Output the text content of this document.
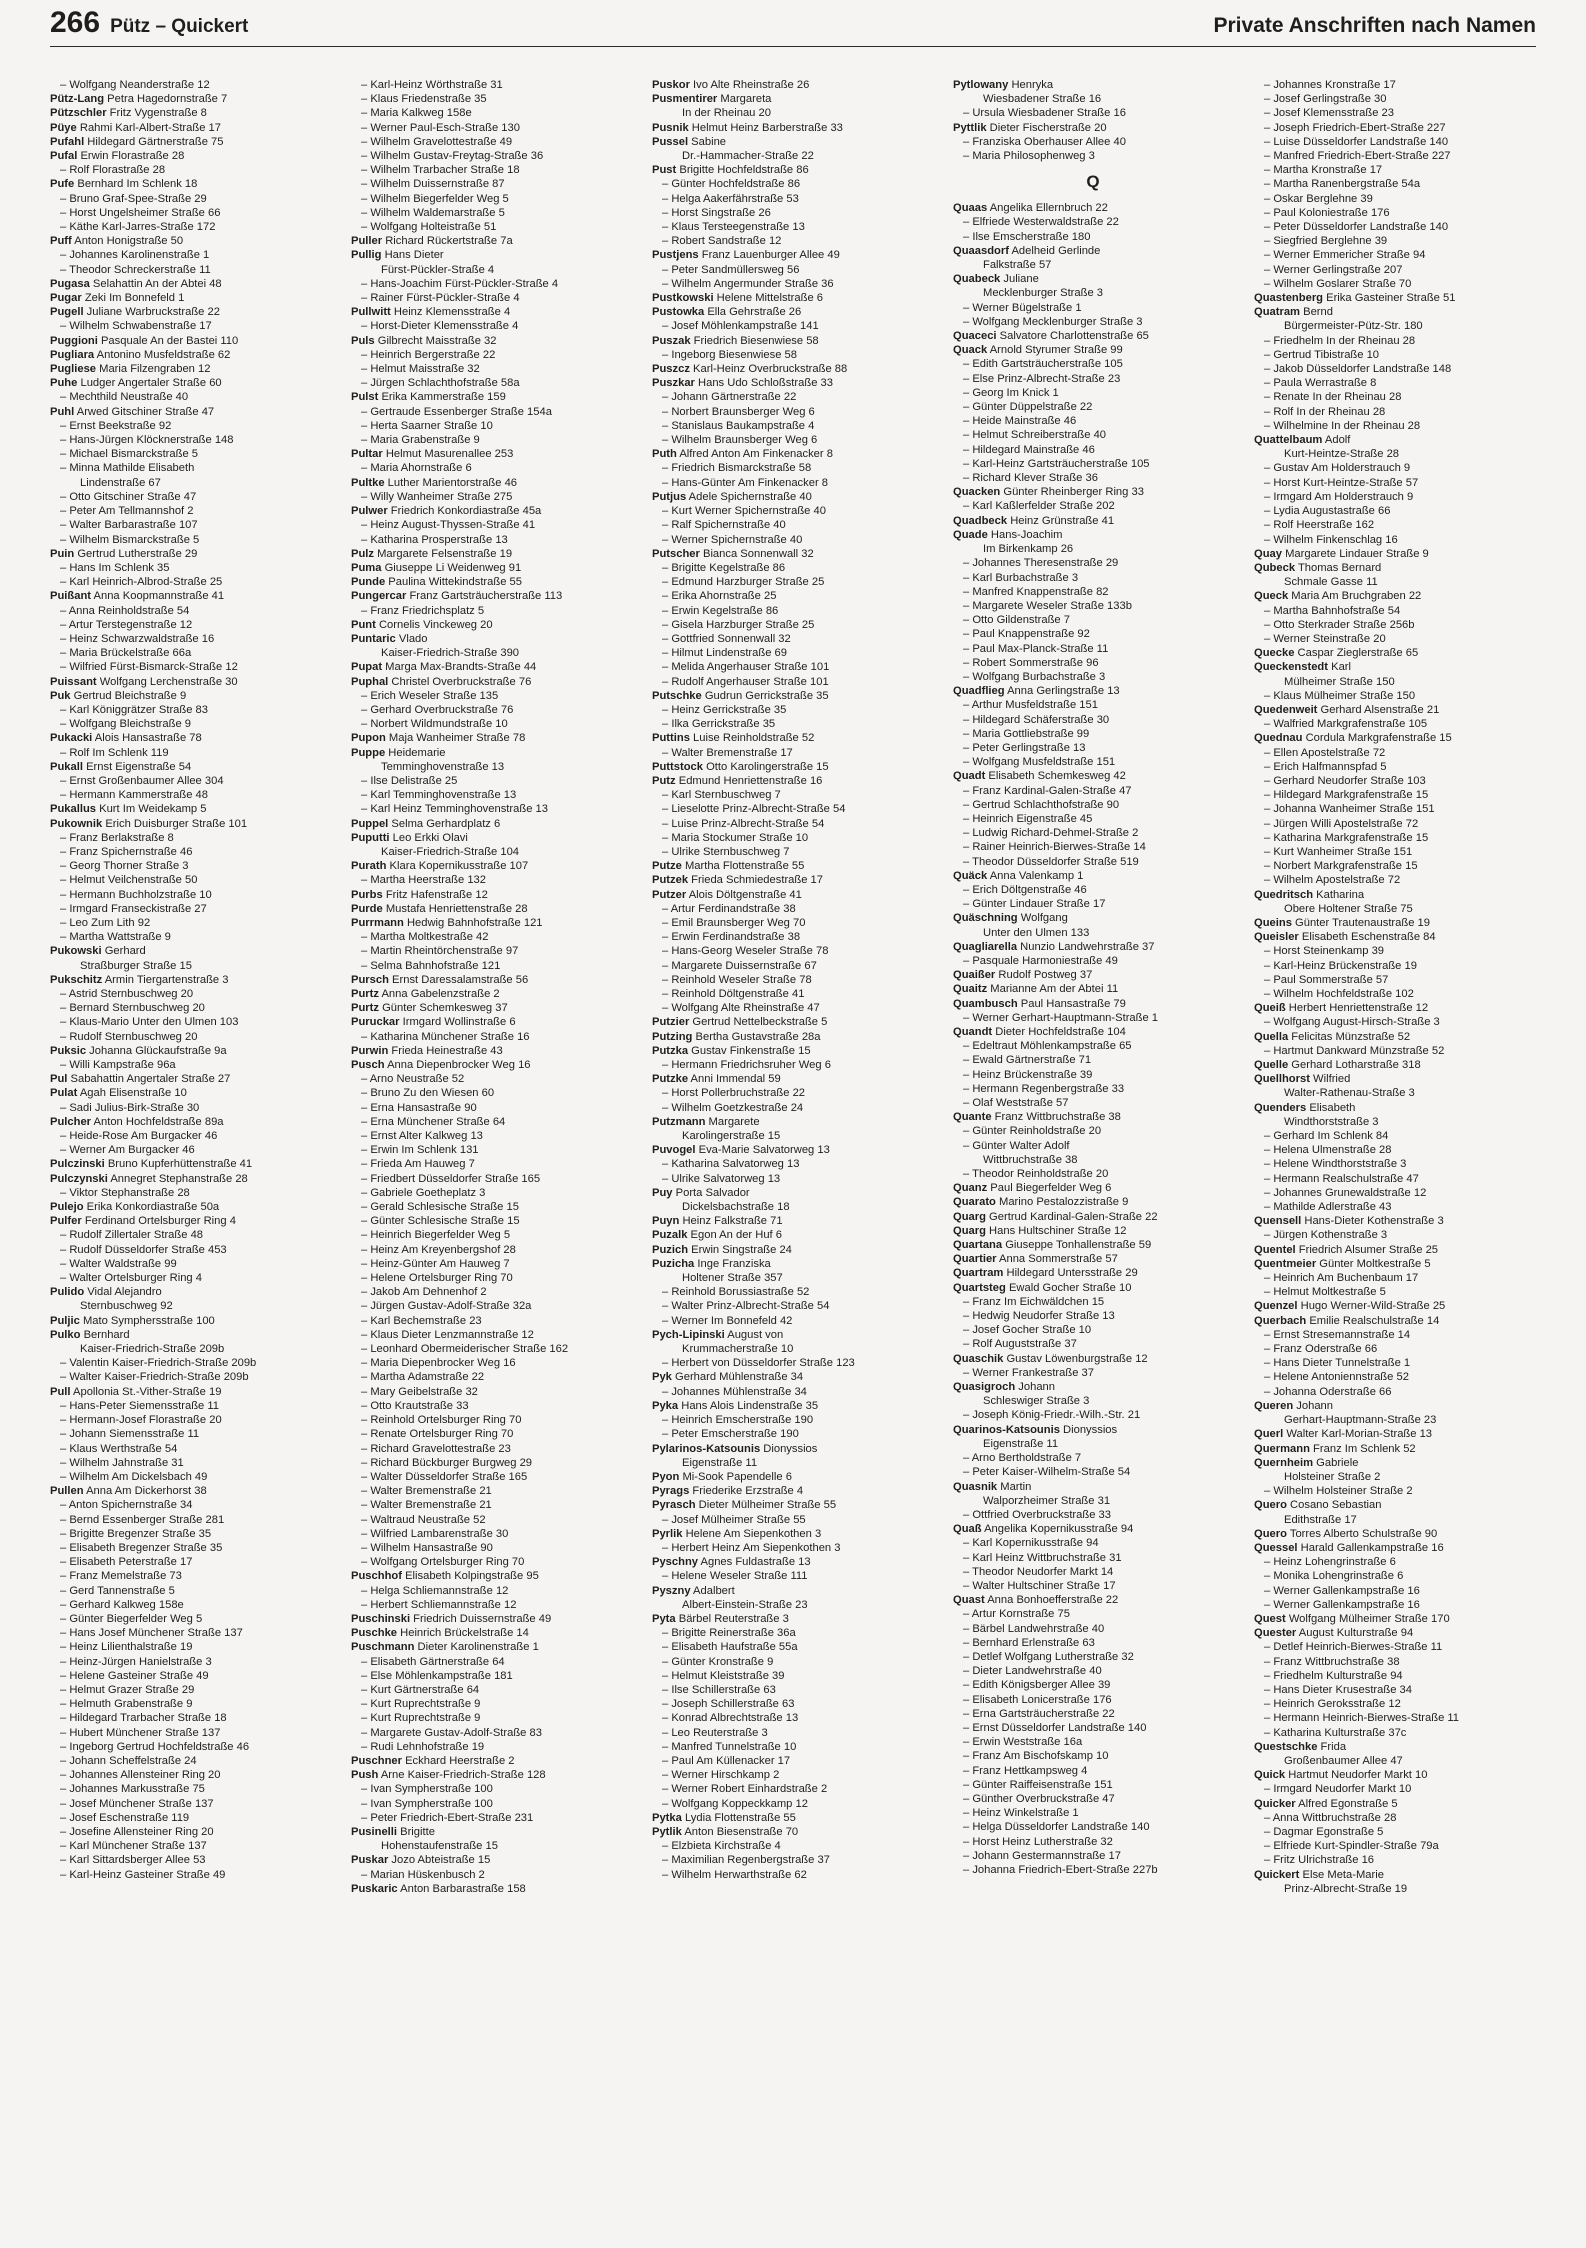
266 Pütz – Quickert	Private Anschriften nach Namen
– Wolfgang Neanderstraße 12
Pütz-Lang Petra Hagedornstraße 7
Pützschler Fritz Vygenstraße 8
Püye Rahmi Karl-Albert-Straße 17
Pufahl Hildegard Gärtnerstraße 75
Pufal Erwin Florastraße 28
– Rolf Florastraße 28
Pufe Bernhard Im Schlenk 18
– Bruno Graf-Spee-Straße 29
– Horst Ungelsheimer Straße 66
– Käthe Karl-Jarres-Straße 172
Puff Anton Honigstraße 50
– Johannes Karolinenstraße 1
– Theodor Schreckerstraße 11
Pugasa Selahattin An der Abtei 48
Pugar Zeki Im Bonnefeld 1
Pugell Juliane Warbruckstraße 22
– Wilhelm Schwabenstraße 17
Puggioni Pasquale An der Bastei 110
Pugliara Antonino Musfeldstraße 62
Pugliese Maria Filzengraben 12
Puhe Ludger Angertaler Straße 60
– Mechthild Neustraße 40
Puhl Arwed Gitschiner Straße 47
– Ernst Beekstraße 92
– Hans-Jürgen Klöcknerstraße 148
– Michael Bismarckstraße 5
– Minna Mathilde Elisabeth
Lindenstraße 67
– Otto Gitschiner Straße 47
– Peter Am Tellmannshof 2
– Walter Barbarastraße 107
– Wilhelm Bismarckstraße 5
Puin Gertrud Lutherstraße 29
– Hans Im Schlenk 35
– Karl Heinrich-Albrod-Straße 25
Puißant Anna Koopmannstraße 41
– Anna Reinholdstraße 54
– Artur Terstegenstraße 12
– Heinz Schwarzwaldstraße 16
– Maria Brückelstraße 66a
– Wilfried Fürst-Bismarck-Straße 12
Puissant Wolfgang Lerchenstraße 30
Puk Gertrud Bleichstraße 9
– Karl Königgrätzer Straße 83
– Wolfgang Bleichstraße 9
Pukacki Alois Hansastraße 78
– Rolf Im Schlenk 119
Pukall Ernst Eigenstraße 54
– Ernst Großenbaumer Allee 304
– Hermann Kammerstraße 48
Pukallus Kurt Im Weidekamp 5
Pukownik Erich Duisburger Straße 101
– Franz Berlakstraße 8
– Franz Spichernstraße 46
– Georg Thorner Straße 3
– Helmut Veilchenstraße 50
– Hermann Buchholzstraße 10
– Irmgard Franseckistraße 27
– Leo Zum Lith 92
– Martha Wattstraße 9
Pukowski Gerhard
Straßburger Straße 15
Pukschitz Armin Tiergartenstraße 3
– Astrid Sternbuschweg 20
– Bernard Sternbuschweg 20
– Klaus-Mario Unter den Ulmen 103
– Rudolf Sternbuschweg 20
Puksic Johanna Glückaufstraße 9a
– Willi Kampstraße 96a
Pul Sabahattin Angertaler Straße 27
Pulat Agah Elisenstraße 10
– Sadi Julius-Birk-Straße 30
Pulcher Anton Hochfeldstraße 89a
– Heide-Rose Am Burgacker 46
– Werner Am Burgacker 46
Pulczinski Bruno Kupferhüttenstraße 41
Pulczynski Annegret Stephanstraße 28
– Viktor Stephanstraße 28
Pulejo Erika Konkordiastraße 50a
Pulfer Ferdinand Ortelsburger Ring 4
– Rudolf Zillertaler Straße 48
– Rudolf Düsseldorfer Straße 453
– Walter Waldstraße 99
– Walter Ortelsburger Ring 4
Pulido Vidal Alejandro
Sternbuschweg 92
Puljic Mato Symphersstraße 100
Pulko Bernhard
Kaiser-Friedrich-Straße 209b
– Valentin Kaiser-Friedrich-Straße 209b
– Walter Kaiser-Friedrich-Straße 209b
Pull Apollonia St.-Vither-Straße 19
– Hans-Peter Siemensstraße 11
– Hermann-Josef Florastraße 20
– Johann Siemensstraße 11
– Klaus Werthstraße 54
– Wilhelm Jahnstraße 31
– Wilhelm Am Dickelsbach 49
Pullen Anna Am Dickerhorst 38
– Anton Spichernstraße 34
– Bernd Essenberger Straße 281
– Brigitte Bregenzer Straße 35
– Elisabeth Bregenzer Straße 35
– Elisabeth Peterstraße 17
– Franz Memelstraße 73
– Gerd Tannenstraße 5
– Gerhard Kalkweg 158e
– Günter Biegerfelder Weg 5
– Hans Josef Münchener Straße 137
– Heinz Lilienthalstraße 19
– Heinz-Jürgen Hanielstraße 3
– Helene Gasteiner Straße 49
– Helmut Grazer Straße 29
– Helmuth Grabenstraße 9
– Hildegard Trarbacher Straße 18
– Hubert Münchener Straße 137
– Ingeborg Gertrud Hochfeldstraße 46
– Johann Scheffelstraße 24
– Johannes Allensteiner Ring 20
– Johannes Markusstraße 75
– Josef Münchener Straße 137
– Josef Eschenstraße 119
– Josefine Allensteiner Ring 20
– Karl Münchener Straße 137
– Karl Sittardsberger Allee 53
– Karl-Heinz Gasteiner Straße 49
– Karl-Heinz Wörthstraße 31
– Klaus Friedenstraße 35
– Maria Kalkweg 158e
– Werner Paul-Esch-Straße 130
– Wilhelm Gravelottestraße 49
– Wilhelm Gustav-Freytag-Straße 36
– Wilhelm Trarbacher Straße 18
– Wilhelm Duissernstraße 87
– Wilhelm Biegerfelder Weg 5
– Wilhelm Waldemarstraße 5
– Wolfgang Holteistraße 51
Puller Richard Rückertstraße 7a
Pullig Hans Dieter
Fürst-Pückler-Straße 4
– Hans-Joachim Fürst-Pückler-Straße 4
– Rainer Fürst-Pückler-Straße 4
Pullwitt Heinz Klemensstraße 4
– Horst-Dieter Klemensstraße 4
Puls Gilbrecht Maisstraße 32
– Heinrich Bergerstraße 22
– Helmut Maisstraße 32
– Jürgen Schlachthofstraße 58a
Pulst Erika Kammerstraße 159
– Gertraude Essenberger Straße 154a
– Herta Saarner Straße 10
– Maria Grabenstraße 9
Pultar Helmut Masurenallee 253
– Maria Ahornstraße 6
Pultke Luther Marientorstraße 46
– Willy Wanheimer Straße 275
Pulwer Friedrich Konkordiastraße 45a
– Heinz August-Thyssen-Straße 41
– Katharina Prosperstraße 13
Pulz Margarete Felsenstraße 19
Puma Giuseppe Li Weidenweg 91
Punde Paulina Wittekindstraße 55
Pungercar Franz Gartsträucherstraße 113
– Franz Friedrichsplatz 5
Punt Cornelis Vinckeweg 20
Puntaric Vlado
Kaiser-Friedrich-Straße 390
Pupat Marga Max-Brandts-Straße 44
Puphal Christel Overbruckstraße 76
– Erich Weseler Straße 135
– Gerhard Overbruckstraße 76
– Norbert Wildmundstraße 10
Pupon Maja Wanheimer Straße 78
Puppe Heidemarie
Temminghovenstraße 13
– Ilse Delistraße 25
– Karl Temminghovenstraße 13
– Karl Heinz Temminghovenstraße 13
Puppel Selma Gerhardplatz 6
Puputti Leo Erkki Olavi
Kaiser-Friedrich-Straße 104
Purath Klara Kopernikusstraße 107
– Martha Heerstraße 132
Purbs Fritz Hafenstraße 12
Purde Mustafa Henriettenstraße 28
Purrmann Hedwig Bahnhofstraße 121
– Martha Moltkestraße 42
– Martin Rheintörchenstraße 97
– Selma Bahnhofstraße 121
Pursch Ernst Daressalamstraße 56
Purtz Anna Gabelenzstraße 2
Purtz Günter Schemkesweg 37
Puruckar Irmgard Wollinstraße 6
– Katharina Münchener Straße 16
Purwin Frieda Heinestraße 43
Pusch Anna Diepenbrocker Weg 16
– Arno Neustraße 52
– Bruno Zu den Wiesen 60
– Erna Hansastraße 90
– Erna Münchener Straße 64
– Ernst Alter Kalkweg 13
– Erwin Im Schlenk 131
– Frieda Am Hauweg 7
– Friedbert Düsseldorfer Straße 165
– Gabriele Goetheplatz 3
– Gerald Schlesische Straße 15
– Günter Schlesische Straße 15
– Heinrich Biegerfelder Weg 5
– Heinz Am Kreyenbergshof 28
– Heinz-Günter Am Hauweg 7
– Helene Ortelsburger Ring 70
– Jakob Am Dehnenhof 2
– Jürgen Gustav-Adolf-Straße 32a
– Karl Bechemstraße 23
– Klaus Dieter Lenzmannstraße 12
– Leonhard Obermeiderischer Straße 162
– Maria Diepenbrocker Weg 16
– Martha Adamstraße 22
– Mary Geibelstraße 32
– Otto Krautstraße 33
– Reinhold Ortelsburger Ring 70
– Renate Ortelsburger Ring 70
– Richard Gravelottestraße 23
– Richard Bückburger Burgweg 29
– Walter Düsseldorfer Straße 165
– Walter Bremenstraße 21
– Walter Bremenstraße 21
– Waltraud Neustraße 52
– Wilfried Lambarenstraße 30
– Wilhelm Hansastraße 90
– Wolfgang Ortelsburger Ring 70
Puschhof Elisabeth Kolpingstraße 95
– Helga Schliemannstraße 12
– Herbert Schliemannstraße 12
Puschinski Friedrich Duissernstraße 49
Puschke Heinrich Brückelstraße 14
Puschmann Dieter Karolinenstraße 1
– Elisabeth Gärtnerstraße 64
– Else Möhlenkampstraße 181
– Kurt Gärtnerstraße 64
– Kurt Ruprechtstraße 9
– Kurt Ruprechtstraße 9
– Margarete Gustav-Adolf-Straße 83
– Rudi Lehnhofstraße 19
Puschner Eckhard Heerstraße 2
Push Arne Kaiser-Friedrich-Straße 128
– Ivan Sympherstraße 100
– Ivan Sympherstraße 100
– Peter Friedrich-Ebert-Straße 231
Pusinelli Brigitte
Hohenstaufenstraße 15
Puskar Jozo Abteistraße 15
– Marian Hüskenbusch 2
Puskaric Anton Barbarastraße 158
Puskor Ivo Alte Rheinstraße 26
Pusmentirer Margareta
In der Rheinau 20
Pusnik Helmut Heinz Barberstraße 33
Pussel Sabine
Dr.-Hammacher-Straße 22
Pust Brigitte Hochfeldstraße 86
– Günter Hochfeldstraße 86
– Helga Aakerfährstraße 53
– Horst Singstraße 26
– Klaus Tersteegenstraße 13
– Robert Sandstraße 12
Pustjens Franz Lauenburger Allee 49
– Peter Sandmüllersweg 56
– Wilhelm Angermunder Straße 36
Pustkowski Helene Mittelstraße 6
Pustowka Ella Gehrstraße 26
– Josef Möhlenkampstraße 141
Puszak Friedrich Biesenwiese 58
– Ingeborg Biesenwiese 58
Puszcz Karl-Heinz Overbruckstraße 88
Puszkar Hans Udo Schloßstraße 33
– Johann Gärtnerstraße 22
– Norbert Braunsberger Weg 6
– Stanislaus Baukampstraße 4
– Wilhelm Braunsberger Weg 6
Puth Alfred Anton Am Finkenacker 8
– Friedrich Bismarckstraße 58
– Hans-Günter Am Finkenacker 8
Putjus Adele Spichernstraße 40
– Kurt Werner Spichernstraße 40
– Ralf Spichernstraße 40
– Werner Spichernstraße 40
Putscher Bianca Sonnenwall 32
– Brigitte Kegelstraße 86
– Edmund Harzburger Straße 25
– Erika Ahornstraße 25
– Erwin Kegelstraße 86
– Gisela Harzburger Straße 25
– Gottfried Sonnenwall 32
– Hilmut Lindenstraße 69
– Melida Angerhauser Straße 101
– Rudolf Angerhauser Straße 101
Putschke Gudrun Gerrickstraße 35
– Heinz Gerrickstraße 35
– Ilka Gerrickstraße 35
Puttins Luise Reinholdstraße 52
– Walter Bremenstraße 17
Puttstock Otto Karolingerstraße 15
Putz Edmund Henriettenstraße 16
– Karl Sternbuschweg 7
– Lieselotte Prinz-Albrecht-Straße 54
– Luise Prinz-Albrecht-Straße 54
– Maria Stockumer Straße 10
– Ulrike Sternbuschweg 7
Putze Martha Flottenstraße 55
Putzek Frieda Schmiedestraße 17
Putzer Alois Döltgenstraße 41
– Artur Ferdinandstraße 38
– Emil Braunsberger Weg 70
– Erwin Ferdinandstraße 38
– Hans-Georg Weseler Straße 78
– Margarete Duissernstraße 67
– Reinhold Weseler Straße 78
– Reinhold Döltgenstraße 41
– Wolfgang Alte Rheinstraße 47
Putzier Gertrud Nettelbeckstraße 5
Putzing Bertha Gustavstraße 28a
Putzka Gustav Finkenstraße 15
– Hermann Friedrichsruher Weg 6
Putzke Anni Immendal 59
– Horst Pollerbruchstraße 22
– Wilhelm Goetzkestraße 24
Putzmann Margarete
Karolingerstraße 15
Puvogel Eva-Marie Salvatorweg 13
– Katharina Salvatorweg 13
– Ulrike Salvatorweg 13
Puy Porta Salvador
Dickelsbachstraße 18
Puyn Heinz Falkstraße 71
Puzalk Egon An der Huf 6
Puzich Erwin Singstraße 24
Puzicha Inge Franziska
Holtener Straße 357
– Reinhold Borussiastraße 52
– Walter Prinz-Albrecht-Straße 54
– Werner Im Bonnefeld 42
Pych-Lipinski August von
Krummacherstraße 10
– Herbert von Düsseldorfer Straße 123
Pyk Gerhard Mühlenstraße 34
– Johannes Mühlenstraße 34
Pyka Hans Alois Lindenstraße 35
– Heinrich Emscherstraße 190
– Peter Emscherstraße 190
Pylarinos-Katsounis Dionyssios
Eigenstraße 11
Pyon Mi-Sook Papendelle 6
Pyrags Friederike Erzstraße 4
Pyrasch Dieter Mülheimer Straße 55
– Josef Mülheimer Straße 55
Pyrlik Helene Am Siepenkothen 3
– Herbert Heinz Am Siepenkothen 3
Pyschny Agnes Fuldastraße 13
– Helene Weseler Straße 111
Pyszny Adalbert
Albert-Einstein-Straße 23
Pyta Bärbel Reuterstraße 3
– Brigitte Reinerstraße 36a
– Elisabeth Haufstraße 55a
– Günter Kronstraße 9
– Helmut Kleiststraße 39
– Ilse Schillerstraße 63
– Joseph Schillerstraße 63
– Konrad Albrechtstraße 13
– Leo Reuterstraße 3
– Manfred Tunnelstraße 10
– Paul Am Küllenacker 17
– Werner Hirschkamp 2
– Werner Robert Einhardstraße 2
– Wolfgang Koppeckkamp 12
Pytka Lydia Flottenstraße 55
Pytlik Anton Biesenstraße 70
– Elzbieta Kirchstraße 4
– Maximilian Regenbergstraße 37
– Wilhelm Herwarthstraße 62
Pytlowany Henryka
Wiesbadener Straße 16
– Ursula Wiesbadener Straße 16
Pyttlik Dieter Fischerstraße 20
– Franziska Oberhauser Allee 40
– Maria Philosophenweg 3
Q
Quaas Angelika Ellernbruch 22
– Elfriede Westerwaldstraße 22
– Ilse Emscherstraße 180
Quaasdorf Adelheid Gerlinde
Falkstraße 57
Quabeck Juliane
Mecklenburger Straße 3
– Werner Bügelstraße 1
– Wolfgang Mecklenburger Straße 3
Quaceci Salvatore Charlottenstraße 65
Quack Arnold Styrumer Straße 99
– Edith Gartsträucherstraße 105
– Else Prinz-Albrecht-Straße 23
– Georg Im Knick 1
– Günter Düppelstraße 22
– Heide Mainstraße 46
– Helmut Schreiberstraße 40
– Hildegard Mainstraße 46
– Karl-Heinz Gartsträucherstraße 105
– Richard Klever Straße 36
Quacken Günter Rheinberger Ring 33
– Karl Kaßlerfelder Straße 202
Quadbeck Heinz Grünstraße 41
Quade Hans-Joachim
Im Birkenkamp 26
– Johannes Theresenstraße 29
– Karl Burbachstraße 3
– Manfred Knappenstraße 82
– Margarete Weseler Straße 133b
– Otto Gildenstraße 7
– Paul Knappenstraße 92
– Paul Max-Planck-Straße 11
– Robert Sommerstraße 96
– Wolfgang Burbachstraße 3
Quadflieg Anna Gerlingstraße 13
– Arthur Musfeldstraße 151
– Hildegard Schäferstraße 30
– Maria Gottliebstraße 99
– Peter Gerlingstraße 13
– Wolfgang Musfeldstraße 151
Quadt Elisabeth Schemkesweg 42
– Franz Kardinal-Galen-Straße 47
– Gertrud Schlachthofstraße 90
– Heinrich Eigenstraße 45
– Ludwig Richard-Dehmel-Straße 2
– Rainer Heinrich-Bierwes-Straße 14
– Theodor Düsseldorfer Straße 519
Quäck Anna Valenkamp 1
– Erich Döltgenstraße 46
– Günter Lindauer Straße 17
Quäschning Wolfgang
Unter den Ulmen 133
Quagliarella Nunzio Landwehrstraße 37
– Pasquale Harmoniestraße 49
Quaißer Rudolf Postweg 37
Quaitz Marianne Am der Abtei 11
Quambusch Paul Hansastraße 79
– Werner Gerhart-Hauptmann-Straße 1
Quandt Dieter Hochfeldstraße 104
– Edeltraut Möhlenkampstraße 65
– Ewald Gärtnerstraße 71
– Heinz Brückenstraße 39
– Hermann Regenbergstraße 33
– Olaf Weststraße 57
Quante Franz Wittbruchstraße 38
– Günter Reinholdstraße 20
– Günter Walter Adolf
Wittbruchstraße 38
– Theodor Reinholdstraße 20
Quanz Paul Biegerfelder Weg 6
Quarato Marino Pestalozzistraße 9
Quarg Gertrud Kardinal-Galen-Straße 22
Quarg Hans Hultschiner Straße 12
Quartana Giuseppe Tonhallenstraße 59
Quartier Anna Sommerstraße 57
Quartram Hildegard Untersstraße 29
Quartsteg Ewald Gocher Straße 10
– Franz Im Eichwäldchen 15
– Hedwig Neudorfer Straße 13
– Josef Gocher Straße 10
– Rolf Auguststraße 37
Quaschik Gustav Löwenburgstraße 12
– Werner Frankestraße 37
Quasigroch Johann
Schleswiger Straße 3
– Joseph König-Friedr.-Wilh.-Str. 21
Quarinos-Katsounis Dionyssios
Eigenstraße 11
– Arno Bertholdstraße 7
– Peter Kaiser-Wilhelm-Straße 54
Quasnik Martin
Walporzheimer Straße 31
– Ottfried Overbruckstraße 33
Quaß Angelika Kopernikusstraße 94
– Karl Kopernikusstraße 94
– Karl Heinz Wittbruchstraße 31
– Theodor Neudorfer Markt 14
– Walter Hultschiner Straße 17
Quast Anna Bonhoefferstraße 22
– Artur Kornstraße 75
– Bärbel Landwehrstraße 40
– Bernhard Erlenstraße 63
– Detlef Wolfgang Lutherstraße 32
– Dieter Landwehrstraße 40
– Edith Königsberger Allee 39
– Elisabeth Lonicerstraße 176
– Erna Gartsträucherstraße 22
– Ernst Düsseldorfer Landstraße 140
– Erwin Weststraße 16a
– Franz Am Bischofskamp 10
– Franz Hettkampsweg 4
– Günter Raiffeisenstraße 151
– Günther Overbruckstraße 47
– Heinz Winkelstraße 1
– Helga Düsseldorfer Landstraße 140
– Horst Heinz Lutherstraße 32
– Johann Gestermannstraße 17
– Johanna Friedrich-Ebert-Straße 227b
– Johannes Kronstraße 17
– Josef Gerlingstraße 30
– Josef Klemensstraße 23
– Joseph Friedrich-Ebert-Straße 227
– Luise Düsseldorfer Landstraße 140
– Manfred Friedrich-Ebert-Straße 227
– Martha Kronstraße 17
– Martha Ranenbergstraße 54a
– Oskar Berglehne 39
– Paul Koloniestraße 176
– Peter Düsseldorfer Landstraße 140
– Siegfried Berglehne 39
– Werner Emmericher Straße 94
– Werner Gerlingstraße 207
– Wilhelm Goslarer Straße 70
Quastenberg Erika Gasteiner Straße 51
Quatram Bernd
Bürgermeister-Pütz-Str. 180
– Friedhelm In der Rheinau 28
– Gertrud Tibistraße 10
– Jakob Düsseldorfer Landstraße 148
– Paula Werrastraße 8
– Renate In der Rheinau 28
– Rolf In der Rheinau 28
– Wilhelmine In der Rheinau 28
Quattelbaum Adolf
Kurt-Heintze-Straße 28
– Gustav Am Holderstrauch 9
– Horst Kurt-Heintze-Straße 57
– Irmgard Am Holderstrauch 9
– Lydia Augustastraße 66
– Rolf Heerstraße 162
– Wilhelm Finkenschlag 16
Quay Margarete Lindauer Straße 9
Qubeck Thomas Bernard
Schmale Gasse 11
Queck Maria Am Bruchgraben 22
– Martha Bahnhofstraße 54
– Otto Sterkrader Straße 256b
– Werner Steinstraße 20
Quecke Caspar Zieglerstraße 65
Queckenstedt Karl
Mülheimer Straße 150
– Klaus Mülheimer Straße 150
Quedenweit Gerhard Alsenstraße 21
– Walfried Markgrafenstraße 105
Quednau Cordula Markgrafenstraße 15
– Ellen Apostelstraße 72
– Erich Halfmannspfad 5
– Gerhard Neudorfer Straße 103
– Hildegard Markgrafenstraße 15
– Johanna Wanheimer Straße 151
– Jürgen Willi Apostelstraße 72
– Katharina Markgrafenstraße 15
– Kurt Wanheimer Straße 151
– Norbert Markgrafenstraße 15
– Wilhelm Apostelstraße 72
Quedritsch Katharina
Obere Holtener Straße 75
Queins Günter Trautenaustraße 19
Queisler Elisabeth Eschenstraße 84
– Horst Steinenkamp 39
– Karl-Heinz Brückenstraße 19
– Paul Sommerstraße 57
– Wilhelm Hochfeldstraße 102
Queiß Herbert Henriettenstraße 12
– Wolfgang August-Hirsch-Straße 3
Quella Felicitas Münzstraße 52
– Hartmut Dankward Münzstraße 52
Quelle Gerhard Lotharstraße 318
Quellhorst Wilfried
Walter-Rathenau-Straße 3
Quenders Elisabeth
Windthorststraße 3
– Gerhard Im Schlenk 84
– Helena Ulmenstraße 28
– Helene Windthorststraße 3
– Hermann Realschulstraße 47
– Johannes Grunewaldstraße 12
– Mathilde Adlerstraße 43
Quensell Hans-Dieter Kothenstraße 3
– Jürgen Kothenstraße 3
Quentel Friedrich Alsumer Straße 25
Quentmeier Günter Moltkestraße 5
– Heinrich Am Buchenbaum 17
– Helmut Moltkestraße 5
Quenzel Hugo Werner-Wild-Straße 25
Querbach Emilie Realschulstraße 14
– Ernst Stresemannstraße 14
– Franz Oderstraße 66
– Hans Dieter Tunnelstraße 1
– Helene Antoniennstraße 52
– Johanna Oderstraße 66
Queren Johann
Gerhart-Hauptmann-Straße 23
Querl Walter Karl-Morian-Straße 13
Quermann Franz Im Schlenk 52
Quernheim Gabriele
Holsteiner Straße 2
– Wilhelm Holsteiner Straße 2
Quero Cosano Sebastian
Edithstraße 17
Quero Torres Alberto Schulstraße 90
Quessel Harald Gallenkampstraße 16
– Heinz Lohengrinstraße 6
– Monika Lohengrinstraße 6
– Werner Gallenkampstraße 16
– Werner Gallenkampstraße 16
Quest Wolfgang Mülheimer Straße 170
Quester August Kulturstraße 94
– Detlef Heinrich-Bierwes-Straße 11
– Franz Wittbruchstraße 38
– Friedhelm Kulturstraße 94
– Hans Dieter Krusestraße 34
– Heinrich Geroksstraße 12
– Hermann Heinrich-Bierwes-Straße 11
– Katharina Kulturstraße 37c
Questschke Frida
Großenbaumer Allee 47
Quick Hartmut Neudorfer Markt 10
– Irmgard Neudorfer Markt 10
Quicker Alfred Egonstraße 5
– Anna Wittbruchstraße 28
– Dagmar Egonstraße 5
– Elfriede Kurt-Spindler-Straße 79a
– Fritz Ulrichstraße 16
Quickert Else Meta-Marie
Prinz-Albrecht-Straße 19
